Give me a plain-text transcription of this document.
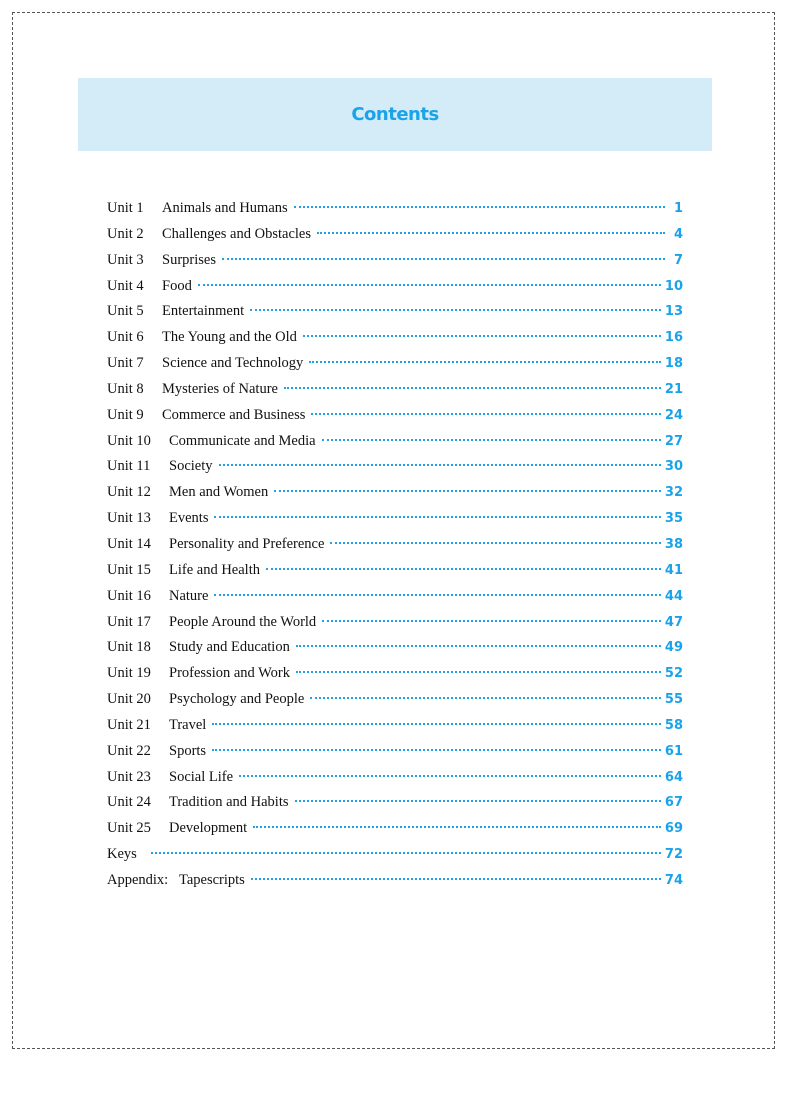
Contents
Unit 1	Animals and Humans	1
Unit 2	Challenges and Obstacles	4
Unit 3	Surprises	7
Unit 4	Food	10
Unit 5	Entertainment	13
Unit 6	The Young and the Old	16
Unit 7	Science and Technology	18
Unit 8	Mysteries of Nature	21
Unit 9	Commerce and Business	24
Unit 10	Communicate and Media	27
Unit 11	Society	30
Unit 12	Men and Women	32
Unit 13	Events	35
Unit 14	Personality and Preference	38
Unit 15	Life and Health	41
Unit 16	Nature	44
Unit 17	People Around the World	47
Unit 18	Study and Education	49
Unit 19	Profession and Work	52
Unit 20	Psychology and People	55
Unit 21	Travel	58
Unit 22	Sports	61
Unit 23	Social Life	64
Unit 24	Tradition and Habits	67
Unit 25	Development	69
Keys	72
Appendix: Tapescripts	74
